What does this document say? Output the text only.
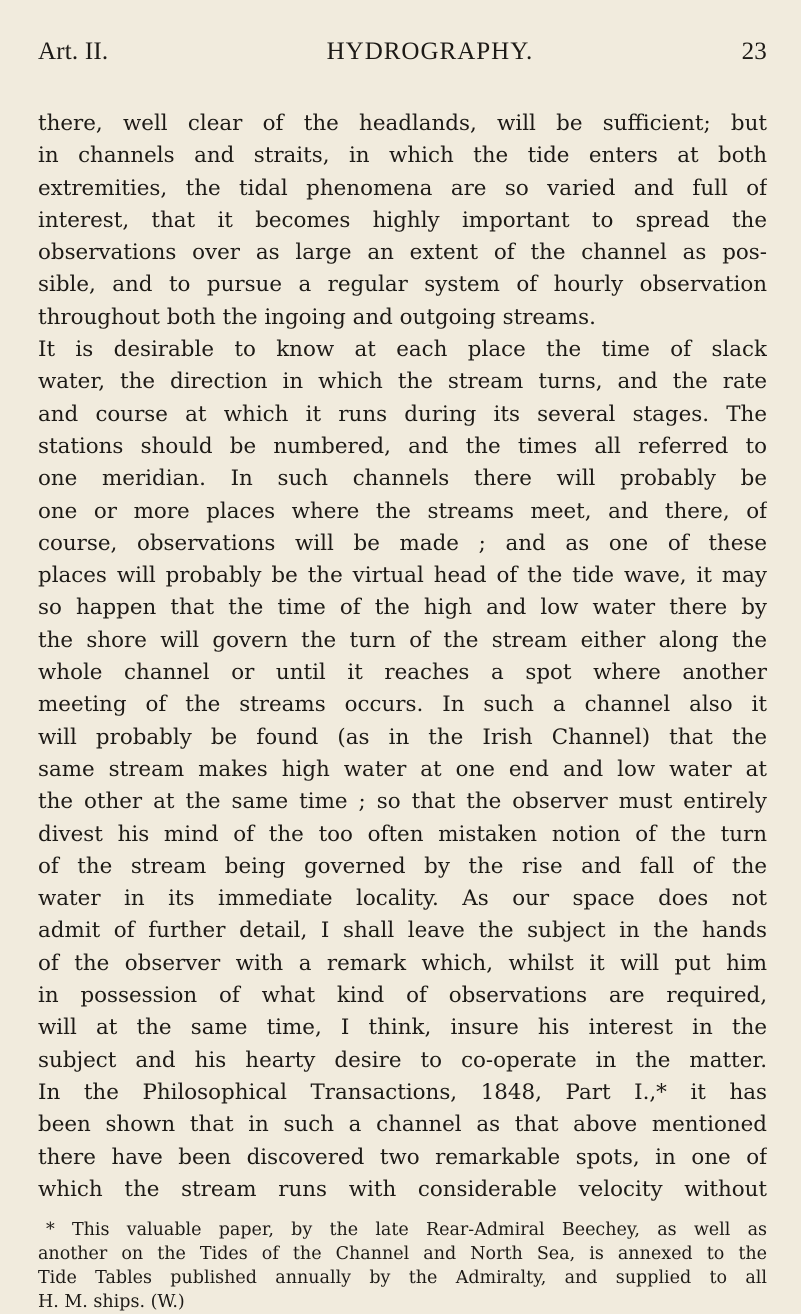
Art. II.	HYDROGRAPHY.	23
there, well clear of the headlands, will be sufficient; but
in channels and straits, in which the tide enters at both
extremities, the tidal phenomena are so varied and full of
interest, that it becomes highly important to spread the
observations over as large an extent of the channel as pos-
sible, and to pursue a regular system of hourly observation
throughout both the ingoing and outgoing streams.
It is desirable to know at each place the time of slack
water, the direction in which the stream turns, and the rate
and course at which it runs during its several stages. The
stations should be numbered, and the times all referred to
one meridian. In such channels there will probably be
one or more places where the streams meet, and there, of
course, observations will be made ; and as one of these
places will probably be the virtual head of the tide wave, it may
so happen that the time of the high and low water there by
the shore will govern the turn of the stream either along the
whole channel or until it reaches a spot where another
meeting of the streams occurs. In such a channel also it
will probably be found (as in the Irish Channel) that the
same stream makes high water at one end and low water at
the other at the same time ; so that the observer must entirely
divest his mind of the too often mistaken notion of the turn
of the stream being governed by the rise and fall of the
water in its immediate locality. As our space does not
admit of further detail, I shall leave the subject in the hands
of the observer with a remark which, whilst it will put him
in possession of what kind of observations are required,
will at the same time, I think, insure his interest in the
subject and his hearty desire to co-operate in the matter.
In the Philosophical Transactions, 1848, Part I.,* it has
been shown that in such a channel as that above mentioned
there have been discovered two remarkable spots, in one of
which the stream runs with considerable velocity without
* This valuable paper, by the late Rear-Admiral Beechey, as well as
another on the Tides of the Channel and North Sea, is annexed to the
Tide Tables published annually by the Admiralty, and supplied to all
H. M. ships. (W.)
